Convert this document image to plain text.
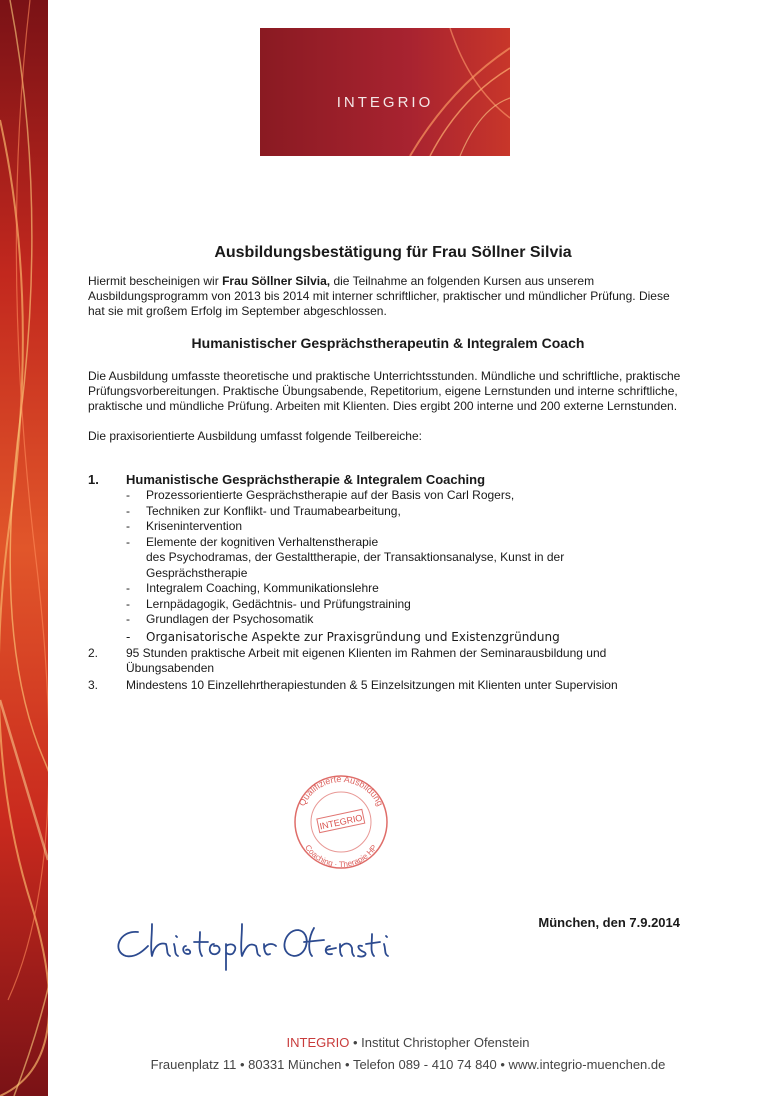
INTEGRIO
Ausbildungsbestätigung für Frau Söllner Silvia

Hiermit bescheinigen wir Frau Söllner Silvia, die Teilnahme an folgenden Kursen aus unserem Ausbildungsprogramm von 2013 bis 2014 mit interner schriftlicher, praktischer und mündlicher Prüfung. Diese hat sie mit großem Erfolg im September abgeschlossen.

Humanistischer Gesprächstherapeutin & Integralem Coach

Die Ausbildung umfasste theoretische und praktische Unterrichtsstunden. Mündliche und schriftliche, praktische Prüfungsvorbereitungen. Praktische Übungsabende, Repetitorium, eigene Lernstunden und interne schriftliche, praktische und mündliche Prüfung. Arbeiten mit Klienten. Dies ergibt 200 interne und 200 externe Lernstunden.

Die praxisorientierte Ausbildung umfasst folgende Teilbereiche:

1.	Humanistische Gesprächstherapie & Integralem Coaching
-	Prozessorientierte Gesprächstherapie auf der Basis von Carl Rogers,
-	Techniken zur Konflikt- und Traumabearbeitung,
-	Krisenintervention
-	Elemente der kognitiven Verhaltenstherapie
des Psychodramas, der Gestalttherapie, der Transaktionsanalyse, Kunst in der Gesprächstherapie
-	Integralem Coaching, Kommunikationslehre
-	Lernpädagogik, Gedächtnis- und Prüfungstraining
-	Grundlagen der Psychosomatik
-	Organisatorische Aspekte zur Praxisgründung und Existenzgründung
2.	95 Stunden praktische Arbeit mit eigenen Klienten im Rahmen der Seminarausbildung und Übungsabenden
3.	Mindestens 10 Einzellehrtherapiestunden & 5 Einzelsitzungen mit Klienten unter Supervision
Qualifizierte Ausbildung
INTEGRIO
Coaching · Therapie HP
München, den 7.9.2014
INTEGRIO • Institut Christopher Ofenstein
Frauenplatz 11 • 80331 München • Telefon 089 - 410 74 840 • www.integrio-muenchen.de
